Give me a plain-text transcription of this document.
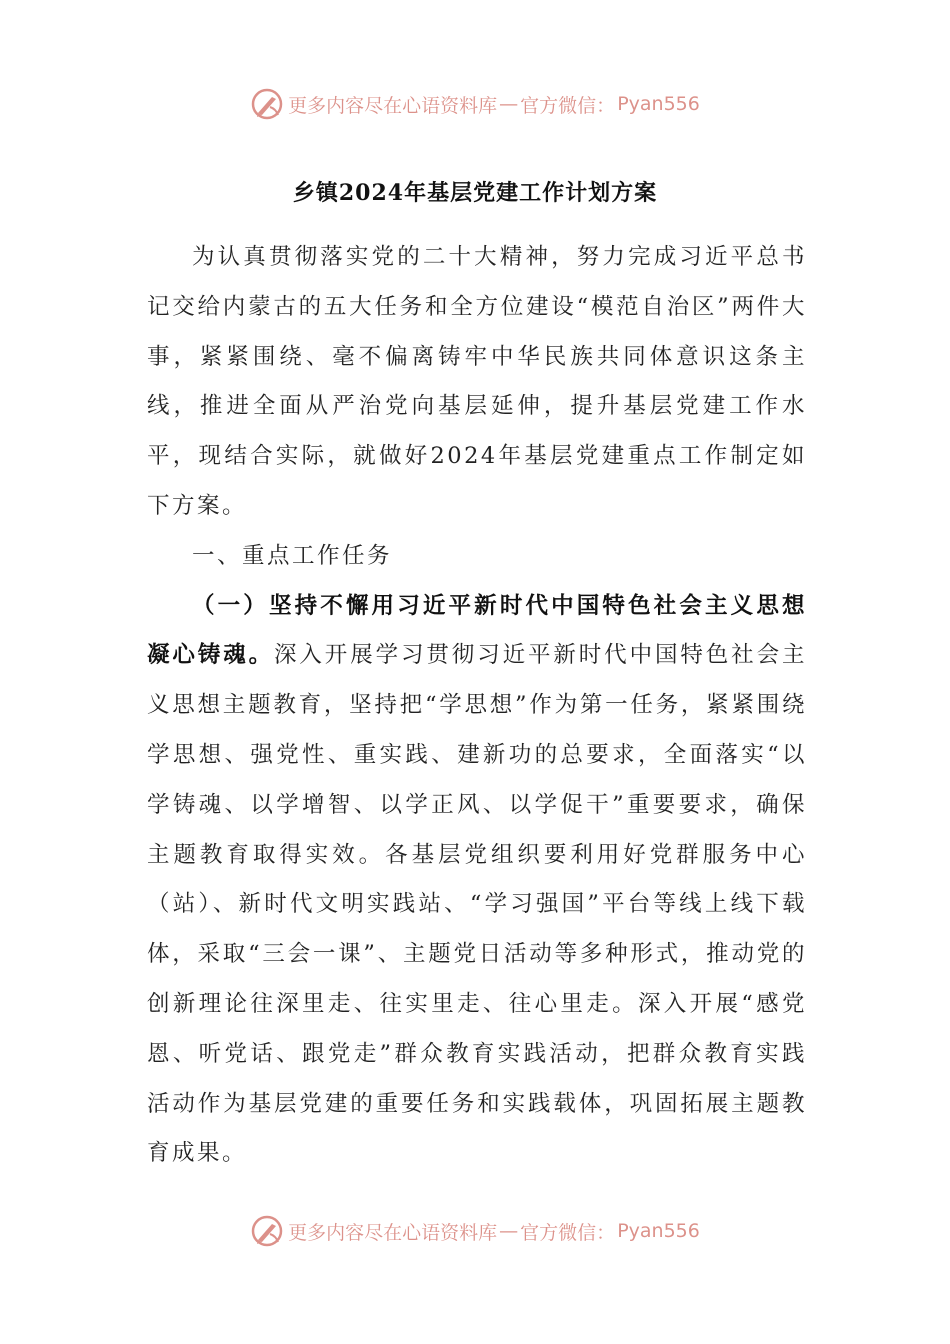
更多内容尽在心语资料库 — 官方微信： Pyan556
乡镇2024年基层党建工作计划方案

为认真贯彻落实党的二十大精神，努力完成习近平总书记交给内蒙古的五大任务和全方位建设“模范自治区”两件大事，紧紧围绕、毫不偏离铸牢中华民族共同体意识这条主线，推进全面从严治党向基层延伸，提升基层党建工作水平，现结合实际，就做好2024年基层党建重点工作制定如下方案。

一、重点工作任务

（一）坚持不懈用习近平新时代中国特色社会主义思想凝心铸魂。深入开展学习贯彻习近平新时代中国特色社会主义思想主题教育，坚持把“学思想”作为第一任务，紧紧围绕学思想、强党性、重实践、建新功的总要求，全面落实“以学铸魂、以学增智、以学正风、以学促干”重要要求，确保主题教育取得实效。各基层党组织要利用好党群服务中心（站）、新时代文明实践站、“学习强国”平台等线上线下载体，采取“三会一课”、主题党日活动等多种形式，推动党的创新理论往深里走、往实里走、往心里走。深入开展“感党恩、听党话、跟党走”群众教育实践活动，把群众教育实践活动作为基层党建的重要任务和实践载体，巩固拓展主题教育成果。

更多内容尽在心语资料库 — 官方微信： Pyan556
